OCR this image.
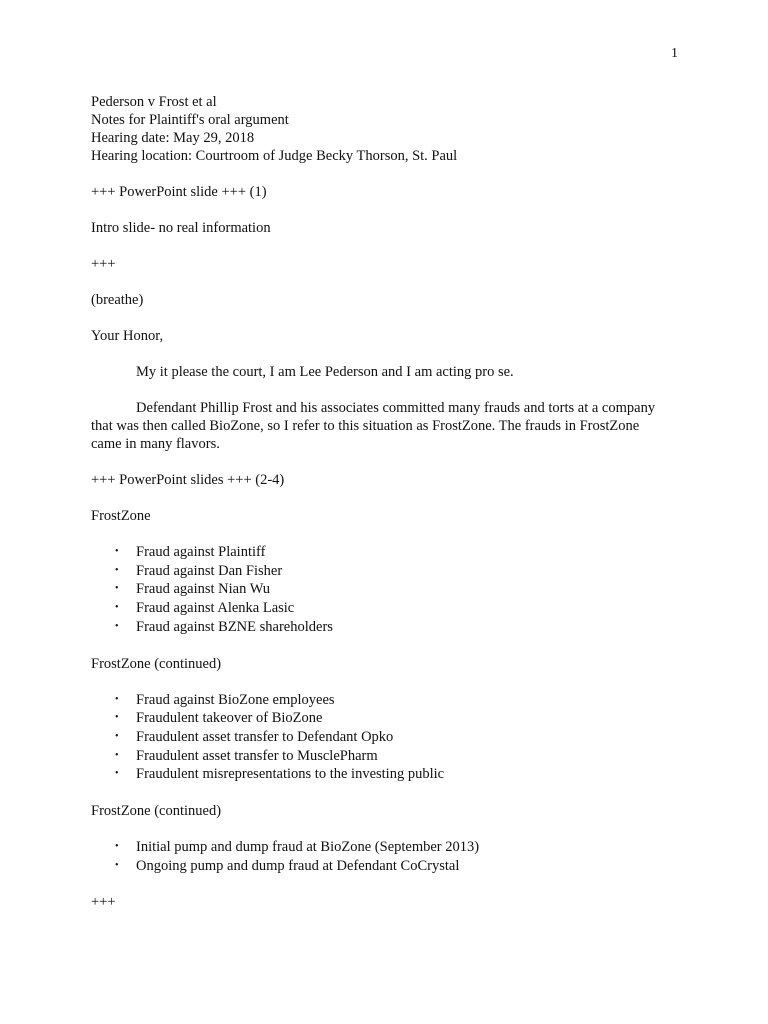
1
Pederson v Frost et al
Notes for Plaintiff's oral argument
Hearing date: May 29, 2018
Hearing location: Courtroom of Judge Becky Thorson, St. Paul
+++ PowerPoint slide +++ (1)
Intro slide- no real information
+++
(breathe)
Your Honor,
My it please the court, I am Lee Pederson and I am acting pro se.
Defendant Phillip Frost and his associates committed many frauds and torts at a company
that was then called BioZone, so I refer to this situation as FrostZone. The frauds in FrostZone
came in many flavors.
+++ PowerPoint slides +++ (2-4)
FrostZone
• Fraud against Plaintiff
• Fraud against Dan Fisher
• Fraud against Nian Wu
• Fraud against Alenka Lasic
• Fraud against BZNE shareholders
FrostZone (continued)
• Fraud against BioZone employees
• Fraudulent takeover of BioZone
• Fraudulent asset transfer to Defendant Opko
• Fraudulent asset transfer to MusclePharm
• Fraudulent misrepresentations to the investing public
FrostZone (continued)
• Initial pump and dump fraud at BioZone (September 2013)
• Ongoing pump and dump fraud at Defendant CoCrystal
+++
